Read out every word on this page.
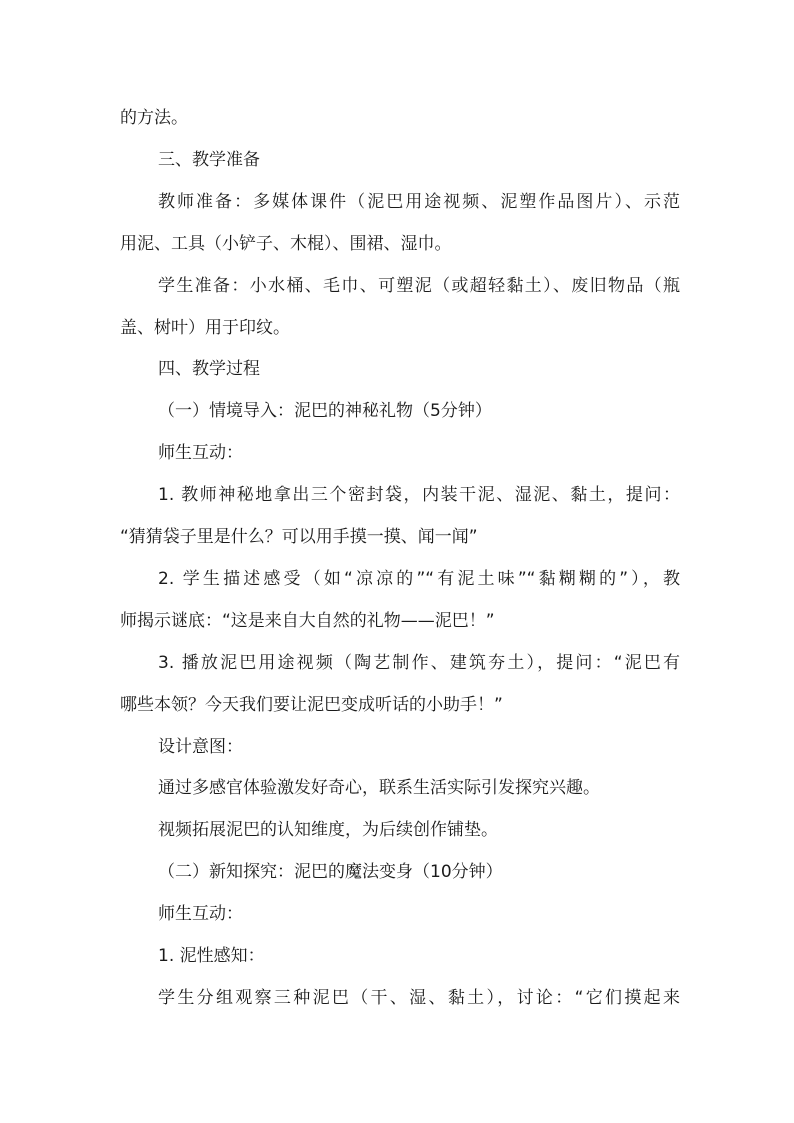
的方法。
三、教学准备
教师准备：多媒体课件（泥巴用途视频、泥塑作品图片）、示范
用泥、工具（小铲子、木棍）、围裙、湿巾。
学生准备：小水桶、毛巾、可塑泥（或超轻黏土）、废旧物品（瓶
盖、树叶）用于印纹。
四、教学过程
（一）情境导入：泥巴的神秘礼物（5分钟）
师生互动：
1. 教师神秘地拿出三个密封袋，内装干泥、湿泥、黏土，提问：
“猜猜袋子里是什么？可以用手摸一摸、闻一闻”
2. 学生描述感受（如“凉凉的”“有泥土味”“黏糊糊的”），教
师揭示谜底：“这是来自大自然的礼物——泥巴！”
3. 播放泥巴用途视频（陶艺制作、建筑夯土），提问：“泥巴有
哪些本领？今天我们要让泥巴变成听话的小助手！”
设计意图：
通过多感官体验激发好奇心，联系生活实际引发探究兴趣。
视频拓展泥巴的认知维度，为后续创作铺垫。
（二）新知探究：泥巴的魔法变身（10分钟）
师生互动：
1. 泥性感知：
学生分组观察三种泥巴（干、湿、黏土），讨论：“它们摸起来
